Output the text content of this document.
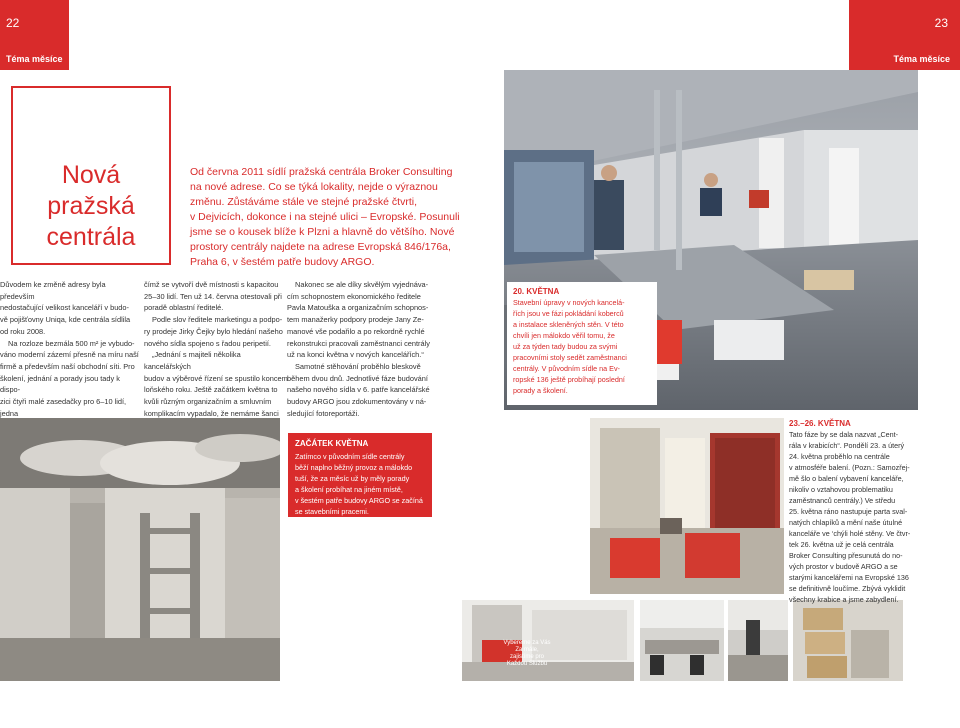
22
Téma měsíce
23
Téma měsíce
Nová
pražská
centrála
Od června 2011 sídlí pražská centrála Broker Consulting
na nové adrese. Co se týká lokality, nejde o výraznou
změnu. Zůstáváme stále ve stejné pražské čtvrti,
v Dejvicích, dokonce i na stejné ulici – Evropské. Posunuli
jsme se o kousek blíže k Plzni a hlavně do většího. Nové
prostory centrály najdete na adrese Evropská 846/176a,
Praha 6, v šestém patře budovy ARGO.

Důvodem ke změně adresy byla především
nedostačující velikost kanceláří v budo-
vě pojišťovny Uniqa, kde centrála sídlila
od roku 2008.

Na rozloze bezmála 500 m² je vybudo-
váno moderní zázemí přesně na míru naší
firmě a především naší obchodní síti. Pro
školení, jednání a porady jsou tady k dispo-
zici čtyři malé zasedačky pro 6–10 lidí, jedna

čímž se vytvoří dvě místnosti s kapacitou
25–30 lidí. Ten už 14. června otestovali při
poradě oblastní ředitelé.

Podle slov ředitele marketingu a podpo-
ry prodeje Jirky Čejky bylo hledání našeho
nového sídla spojeno s řadou peripetií.
„Jednání s majiteli několika kancelářských
budov a výběrové řízení se spustilo koncem
loňského roku. Ještě začátkem května to
kvůli různým organizačním a smluvním
komplikacím vypadalo, že nemáme šanci

Nakonec se ale díky skvělým vyjednáva-
cím schopnostem ekonomického ředitele
Pavla Matouška a organizačním schopnos-
tem manažerky podpory prodeje Jany Ze-
manové vše podařilo a po rekordně rychlé
rekonstrukci pracovali zaměstnanci centrály
už na konci května v nových kancelářích.“
Samotné stěhování proběhlo bleskově
během dvou dnů. Jednotlivé fáze budování
našeho nového sídla v 6. patře kancelářské
budovy ARGO jsou zdokumentovány v ná-
sledující fotoreportáži.

20. KVĚTNA
Stavební úpravy v nových kancelá-
řích jsou ve fázi pokládání koberců
a instalace skleněných stěn. V této
chvíli jen málokdo věřil tomu, že
už za týden tady budou za svými
pracovními stoly sedět zaměstnanci
centrály. V původním sídle na Ev-
ropské 136 ještě probíhají poslední
porady a školení.
ZAČÁTEK KVĚTNA
Zatímco v původním sídle centrály
běží naplno běžný provoz a málokdo
tuší, že za měsíc už by měly porady
a školení probíhat na jiném místě,
v šestém patře budovy ARGO se začíná
se stavebními pracemi.
Vybereme za Vás
Za mále,
zajistíme pro
Každou Službu
23.–26. KVĚTNA
Tato fáze by se dala nazvat „Cent-
rála v krabicích“. Pondělí 23. a úterý
24. května proběhlo na centrále
v atmosféře balení. (Pozn.: Samozřej-
mě šlo o balení vybavení kanceláře,
nikoliv o vztahovou problematiku
zaměstnanců centrály.) Ve středu
25. května ráno nastupuje parta sval-
natých chlapíků a mění naše útulné
kanceláře ve ‘chýli holé stěny. Ve čtvr-
tek 26. května už je celá centrála
Broker Consulting přesunutá do no-
vých prostor v budově ARGO a se
starými kancelářemi na Evropské 136
se definitivně loučíme. Zbývá vyklidit
všechny krabice a jsme zabydlení.
